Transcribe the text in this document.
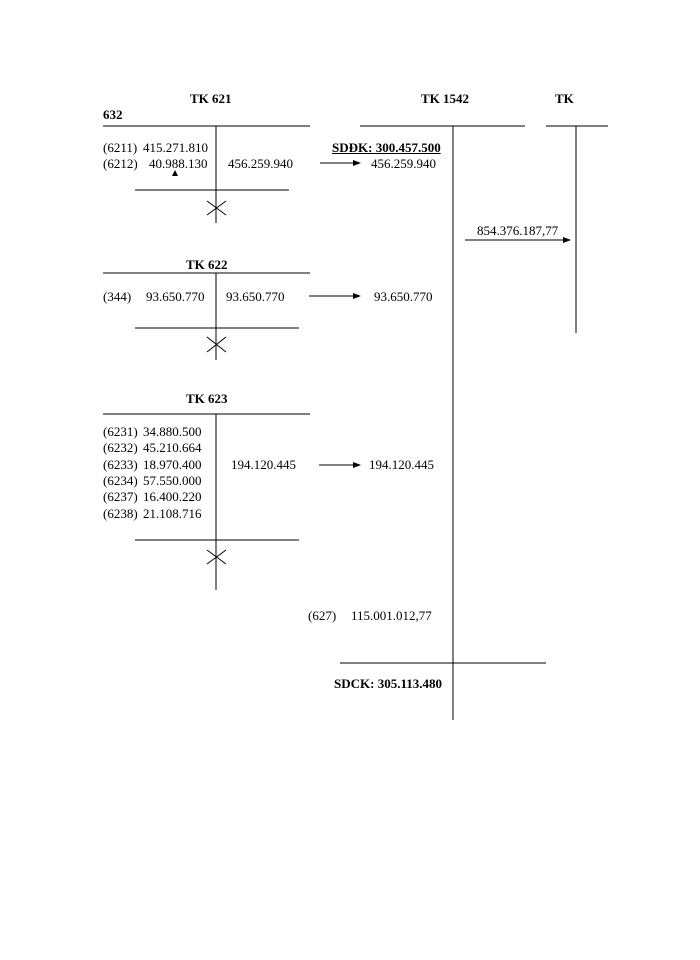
TK 621
(6211) 415.271.810
(6212) 40.988.130 456.259.940
TK 622
(344) 93.650.770 93.650.770
TK 623
(6231) 34.880.500
(6232) 45.210.664
(6233) 18.970.400
(6234) 57.550.000
(6237) 16.400.220
(6238) 21.108.716
194.120.445
TK 1542
SDĐK: 300.457.500
456.259.940
93.650.770
194.120.445
(627) 115.001.012,77
854.376.187,77
SDCK: 305.113.480
TK
632
